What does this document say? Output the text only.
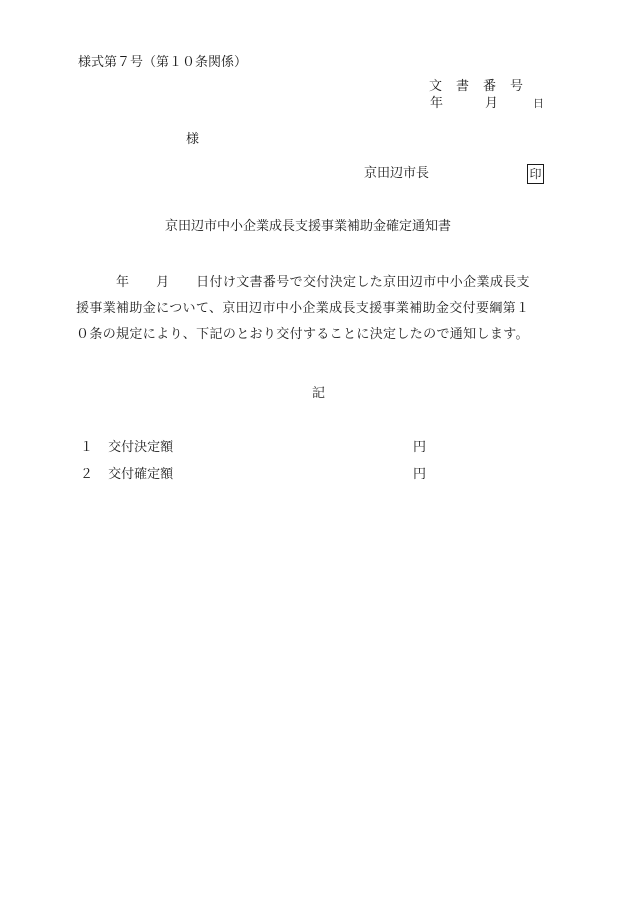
様式第７号（第１０条関係）
文書番号
年	月	日
様
京田辺市長	印
京田辺市中小企業成長支援事業補助金確定通知書
　　　年　　月　　日付け文書番号で交付決定した京田辺市中小企業成長支
援事業補助金について、京田辺市中小企業成長支援事業補助金交付要綱第１
０条の規定により、下記のとおり交付することに決定したので通知します。
記
１ 交付決定額	円
２ 交付確定額	円
